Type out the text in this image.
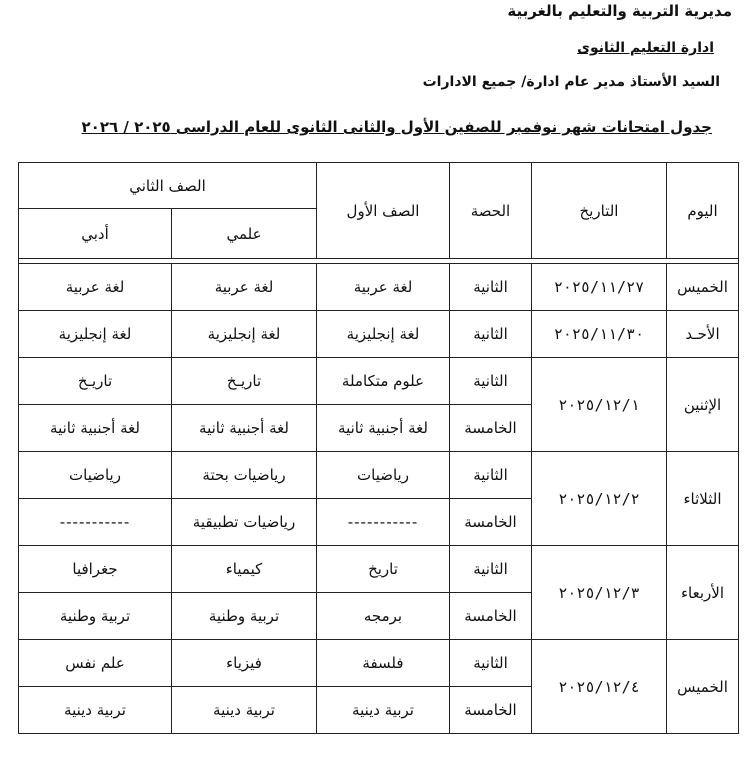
مديرية التربية والتعليم بالغربية
ادارة التعليم الثانوى
السيد الأستاذ مدير عام ادارة/ جميع الادارات
جدول امتحانات شهر نوفمبر للصفين الأول والثانى الثانوى للعام الدراسى ٢٠٢٥ / ٢٠٢٦
اليوم	التاريخ	الحصة	الصف الأول	الصف الثاني	
				علمي	أدبي

الخميس	٢٠٢٥/١١/٢٧	الثانية	لغة عربية	لغة عربية	لغة عربية
الأحـد	٢٠٢٥/١١/٣٠	الثانية	لغة إنجليزية	لغة إنجليزية	لغة إنجليزية
الإثنين	٢٠٢٥/١٢/١	الثانية	علوم متكاملة	تاريـخ	تاريـخ
		الخامسة	لغة أجنبية ثانية	لغة أجنبية ثانية	لغة أجنبية ثانية
الثلاثاء	٢٠٢٥/١٢/٢	الثانية	رياضيات	رياضيات بحتة	رياضيات
		الخامسة	-----------	رياضيات تطبيقية	-----------
الأربعاء	٢٠٢٥/١٢/٣	الثانية	تاريخ	كيمياء	جغرافيا
		الخامسة	برمجه	تربية وطنية	تربية وطنية
الخميس	٢٠٢٥/١٢/٤	الثانية	فلسفة	فيزياء	علم نفس
		الخامسة	تربية دينية	تربية دينية	تربية دينية
